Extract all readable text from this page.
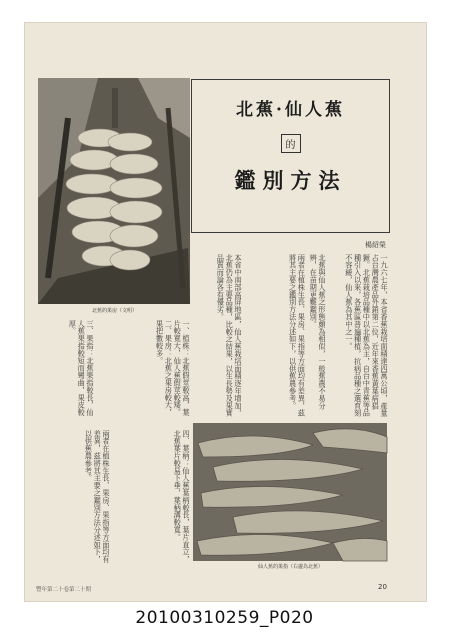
北蕉的果房（文明）
北蕉·仙人蕉
的
鑑別方法
楊紹榮

一九六七年，本省香蕉栽培面積達四萬公頃，產量占台灣農產品外銷第二位，近年來香蕉黃葉病猖獗。北蕉栽培品種中以北蕉為主，自台中青蕉等品種引入以來，各蕉區普遍種植，抗病品種之選育刻不容緩，仙人蕉為其中之一。

北蕉與仙人蕉之形態頗為相似，一般蕉農不易分辨，在苗期更難鑑別。

兩者在植株生長、果房、果指等方面均有差異，茲將其主要之鑑別方法分述如下，以供蕉農參考。

本省中南部高屏地區，仙人蕉栽培面積逐年增加，北蕉仍為主要品種，比較之結果，以生長勢及果實品質而論各有優劣。

一、植株：北蕉假莖較高，葉片較寬大，仙人蕉假莖較矮。二、果房：北蕉之果房較大，果把數較多。

三、果指：北蕉果指較長，仙人蕉果指較短而彎曲，果皮較厚。

四、葉柄：仙人蕉葉柄較長，葉片直立，北蕉葉片較易下垂，葉柄溝較寬。

兩者在植株生長、果房、果指等方面均有差異，茲將其主要之鑑別方法分述如下，以供蕉農參考。

仙人蕉的果指（右邊為北蕉）
豐年第二十卷第二十期	20
20100310259_P020
